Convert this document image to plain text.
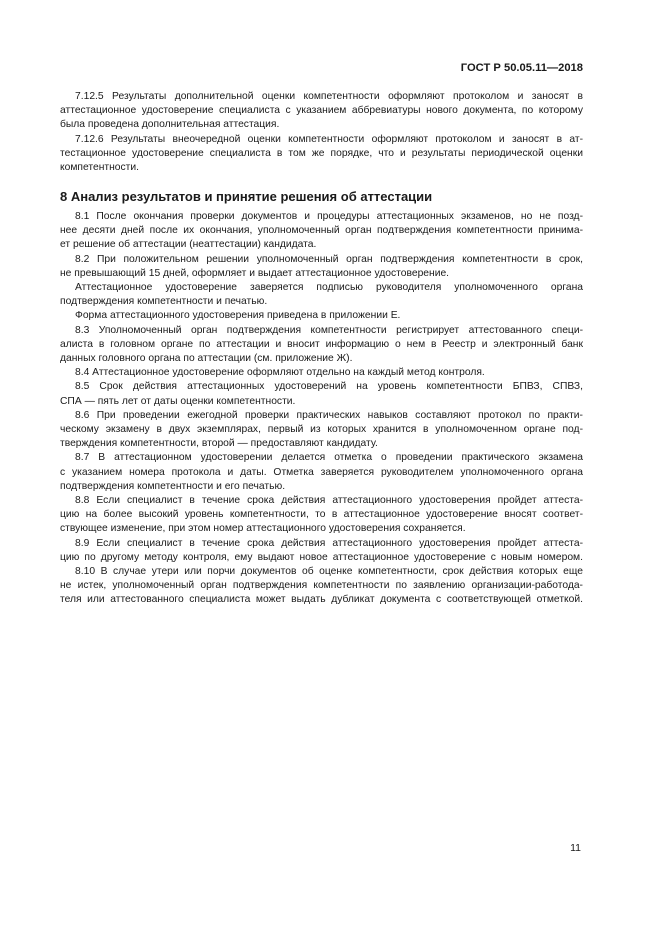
ГОСТ Р 50.05.11—2018

7.12.5 Результаты дополнительной оценки компетентности оформляют протоколом и заносят в

аттестационное удостоверение специалиста с указанием аббревиатуры нового документа, по которому

была проведена дополнительная аттестация.

7.12.6 Результаты внеочередной оценки компетентности оформляют протоколом и заносят в ат-

тестационное удостоверение специалиста в том же порядке, что и результаты периодической оценки

компетентности.

8 Анализ результатов и принятие решения об аттестации

8.1 После окончания проверки документов и процедуры аттестационных экзаменов, но не позд-

нее десяти дней после их окончания, уполномоченный орган подтверждения компетентности принима-

ет решение об аттестации (неаттестации) кандидата.

8.2 При положительном решении уполномоченный орган подтверждения компетентности в срок,

не превышающий 15 дней, оформляет и выдает аттестационное удостоверение.

Аттестационное удостоверение заверяется подписью руководителя уполномоченного органа

подтверждения компетентности и печатью.

Форма аттестационного удостоверения приведена в приложении Е.

8.3 Уполномоченный орган подтверждения компетентности регистрирует аттестованного специ-

алиста в головном органе по аттестации и вносит информацию о нем в Реестр и электронный банк

данных головного органа по аттестации (см. приложение Ж).

8.4 Аттестационное удостоверение оформляют отдельно на каждый метод контроля.

8.5 Срок действия аттестационных удостоверений на уровень компетентности БПВЗ, СПВЗ,

СПА — пять лет от даты оценки компетентности.

8.6 При проведении ежегодной проверки практических навыков составляют протокол по практи-

ческому экзамену в двух экземплярах, первый из которых хранится в уполномоченном органе под-

тверждения компетентности, второй — предоставляют кандидату.

8.7 В аттестационном удостоверении делается отметка о проведении практического экзамена

с указанием номера протокола и даты. Отметка заверяется руководителем уполномоченного органа

подтверждения компетентности и его печатью.

8.8 Если специалист в течение срока действия аттестационного удостоверения пройдет аттеста-

цию на более высокий уровень компетентности, то в аттестационное удостоверение вносят соответ-

ствующее изменение, при этом номер аттестационного удостоверения сохраняется.

8.9 Если специалист в течение срока действия аттестационного удостоверения пройдет аттеста-

цию по другому методу контроля, ему выдают новое аттестационное удостоверение с новым номером.

8.10 В случае утери или порчи документов об оценке компетентности, срок действия которых еще

не истек, уполномоченный орган подтверждения компетентности по заявлению организации-работода-

теля или аттестованного специалиста может выдать дубликат документа с соответствующей отметкой.

11
